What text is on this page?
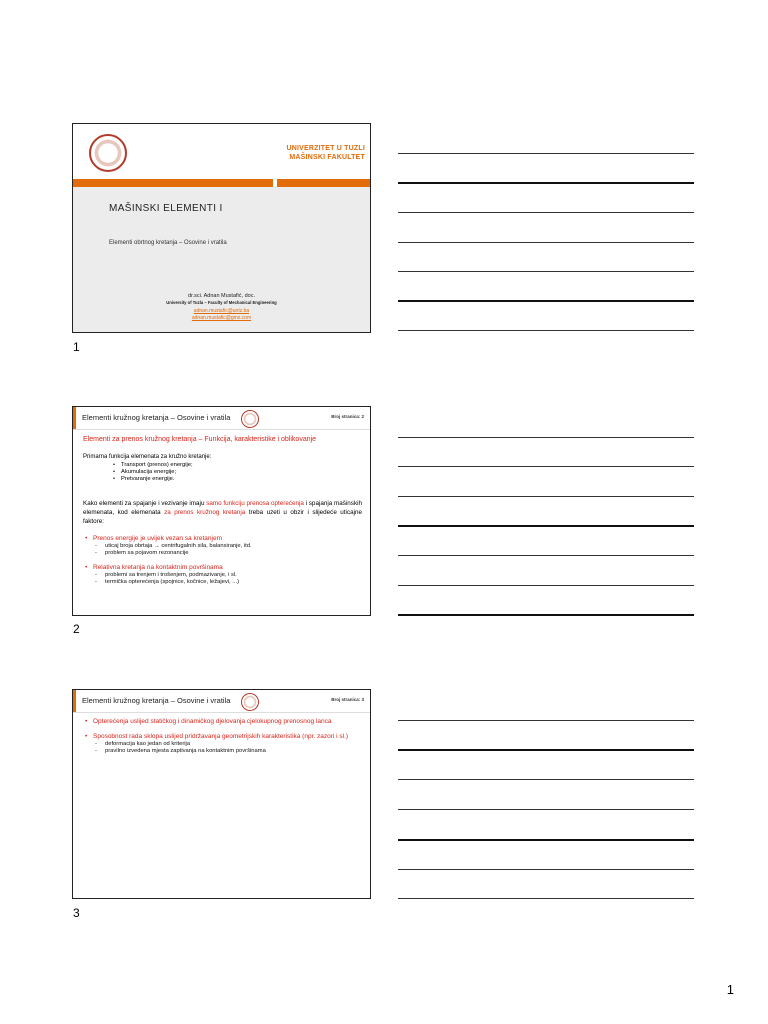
UNIVERZITET U TUZLI
MAŠINSKI FAKULTET
MAŠINSKI ELEMENTI I
Elementi obrtnog kretanja – Osovine i vratila
dr.sci. Adnan Mustafić, doc.
University of Tuzla – Faculty of Mechanical Engineering
adnan.mustafic@untz.ba
adnan.mustafic@gmx.com
1
Elementi kružnog kretanja – Osovine i vratila	Broj stranica: 2
Elementi za prenos kružnog kretanja – Funkcija, karakteristike i oblikovanje
Primarna funkcija elemenata za kružno kretanje:
• Transport (prenos) energije;
• Akumulacija energije;
• Pretvaranje energije.
Kako elementi za spajanje i vezivanje imaju samo funkciju prenosa opterećenja i spajanja mašinskih elemenata, kod elemenata za prenos kružnog kretanja treba uzeti u obzir i slijedeće uticajne faktore:
• Prenos energije je uvijek vezan sa kretanjem
- uticaj broja obrtaja → centrifugalnih sila, balansiranje, itd.
- problem sa pojavom rezonancije
• Relativna kretanja na kontaktnim površinama
- problemi sa trenjem i trošenjem, podmazivanje, i sl.
- termička opterećenja (spojnice, kočnice, ležajevi, ...)
2
Elementi kružnog kretanja – Osovine i vratila	Broj stranica: 3
• Opterećenja uslijed statičkog i dinamičkog djelovanja cjelokupnog prenosnog lanca
• Sposobnost rada sklopa uslijed pridržavanja geometrijskih karakteristika (npr. zazori i sl.)
- deformacija kao jedan od kriterija
- pravilno izvedena mjesta zaptivanja na kontaktnim površinama
3
1
